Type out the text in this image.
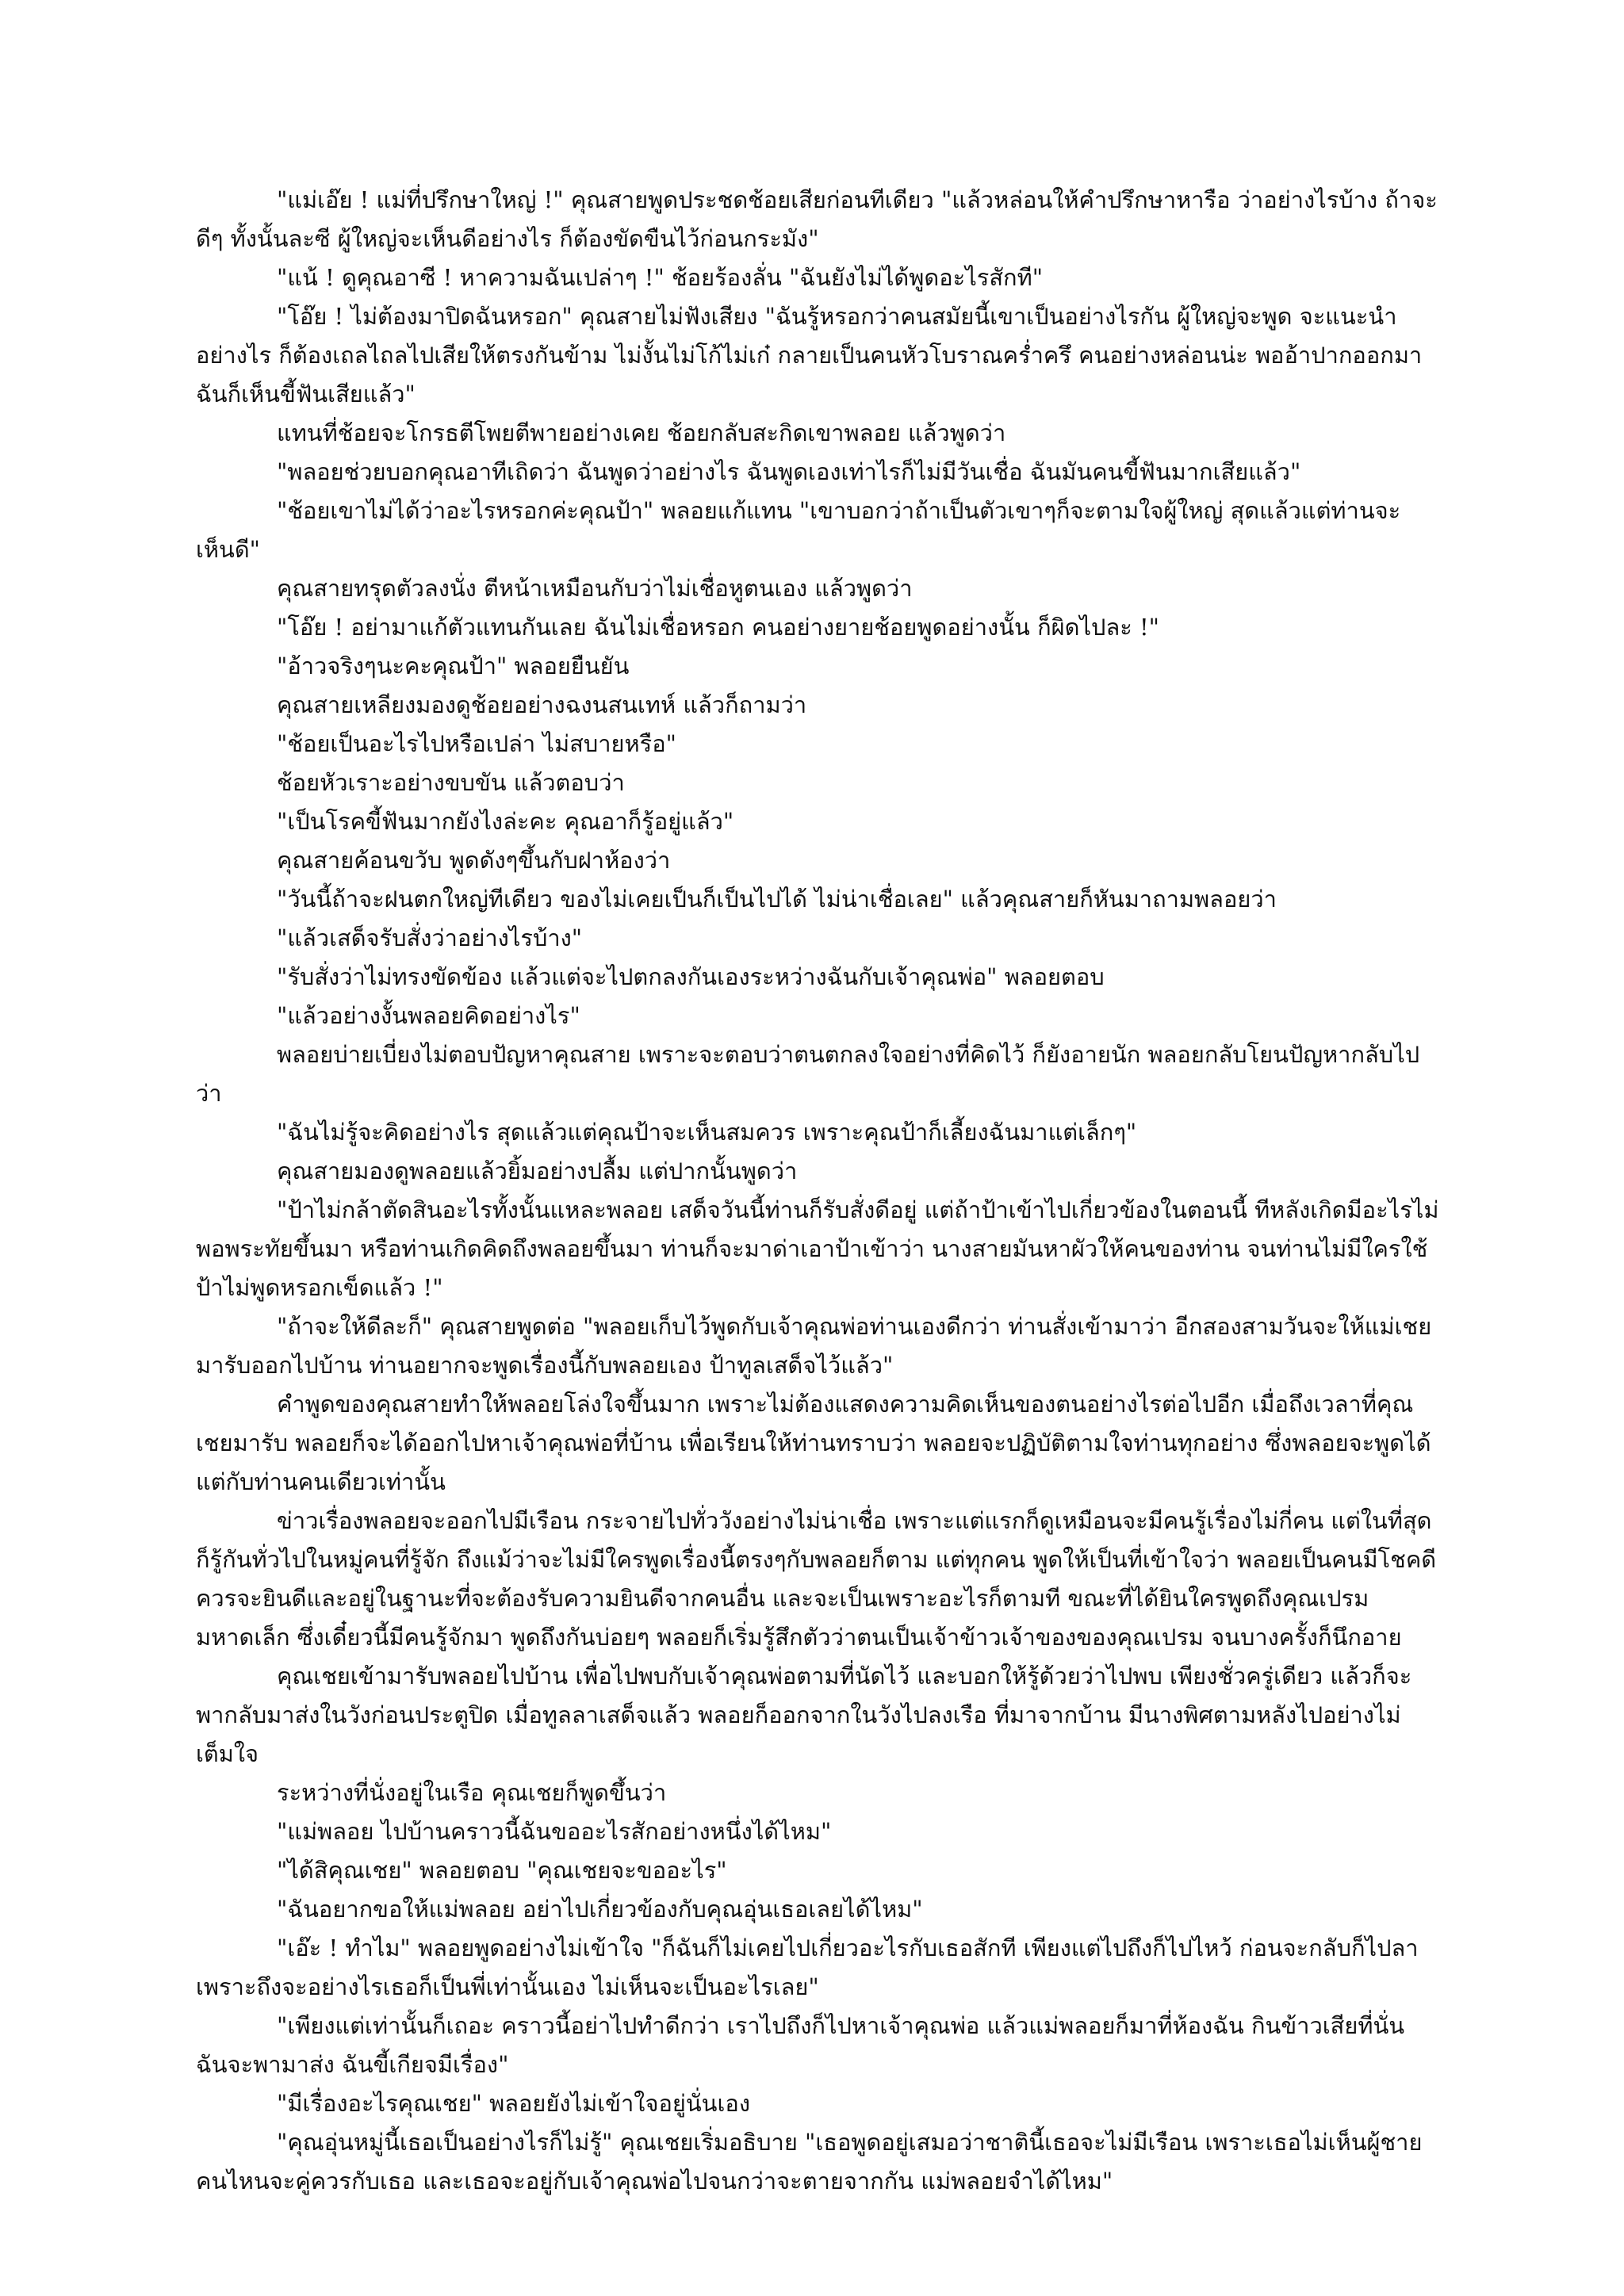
"แม่เอ๊ย ! แม่ที่ปรึกษาใหญ่ !" คุณสายพูดประชดช้อยเสียก่อนทีเดียว "แล้วหล่อนให้คำปรึกษาหารือ ว่าอย่างไรบ้าง ถ้าจะดีๆ ทั้งนั้นละซี ผู้ใหญ่จะเห็นดีอย่างไร ก็ต้องขัดขืนไว้ก่อนกระมัง"

"แน้ ! ดูคุณอาซี ! หาความฉันเปล่าๆ !" ช้อยร้องลั่น "ฉันยังไม่ได้พูดอะไรสักที"

"โอ๊ย ! ไม่ต้องมาปิดฉันหรอก" คุณสายไม่ฟังเสียง "ฉันรู้หรอกว่าคนสมัยนี้เขาเป็นอย่างไรกัน ผู้ใหญ่จะพูด จะแนะนำอย่างไร ก็ต้องเถลไถลไปเสียให้ตรงกันข้าม ไม่งั้นไม่โก้ไม่เก๋ กลายเป็นคนหัวโบราณคร่ำครึ คนอย่างหล่อนน่ะ พออ้าปากออกมาฉันก็เห็นขี้ฟันเสียแล้ว"

แทนที่ช้อยจะโกรธตีโพยตีพายอย่างเคย ช้อยกลับสะกิดเขาพลอย แล้วพูดว่า

"พลอยช่วยบอกคุณอาทีเถิดว่า ฉันพูดว่าอย่างไร ฉันพูดเองเท่าไรก็ไม่มีวันเชื่อ ฉันมันคนขี้ฟันมากเสียแล้ว"

"ช้อยเขาไม่ได้ว่าอะไรหรอกค่ะคุณป้า" พลอยแก้แทน "เขาบอกว่าถ้าเป็นตัวเขาๆก็จะตามใจผู้ใหญ่ สุดแล้วแต่ท่านจะเห็นดี"

คุณสายทรุดตัวลงนั่ง ตีหน้าเหมือนกับว่าไม่เชื่อหูตนเอง แล้วพูดว่า

"โอ๊ย ! อย่ามาแก้ตัวแทนกันเลย ฉันไม่เชื่อหรอก คนอย่างยายช้อยพูดอย่างนั้น ก็ผิดไปละ !"

"อ้าวจริงๆนะคะคุณป้า" พลอยยืนยัน

คุณสายเหลียงมองดูช้อยอย่างฉงนสนเทห์ แล้วก็ถามว่า

"ช้อยเป็นอะไรไปหรือเปล่า ไม่สบายหรือ"

ช้อยหัวเราะอย่างขบขัน แล้วตอบว่า

"เป็นโรคขี้ฟันมากยังไงล่ะคะ คุณอาก็รู้อยู่แล้ว"

คุณสายค้อนขวับ พูดดังๆขึ้นกับฝาห้องว่า

"วันนี้ถ้าจะฝนตกใหญ่ทีเดียว ของไม่เคยเป็นก็เป็นไปได้ ไม่น่าเชื่อเลย" แล้วคุณสายก็หันมาถามพลอยว่า

"แล้วเสด็จรับสั่งว่าอย่างไรบ้าง"

"รับสั่งว่าไม่ทรงขัดข้อง แล้วแต่จะไปตกลงกันเองระหว่างฉันกับเจ้าคุณพ่อ" พลอยตอบ

"แล้วอย่างงั้นพลอยคิดอย่างไร"

พลอยบ่ายเบี่ยงไม่ตอบปัญหาคุณสาย เพราะจะตอบว่าตนตกลงใจอย่างที่คิดไว้ ก็ยังอายนัก พลอยกลับโยนปัญหากลับไปว่า

"ฉันไม่รู้จะคิดอย่างไร สุดแล้วแต่คุณป้าจะเห็นสมควร เพราะคุณป้าก็เลี้ยงฉันมาแต่เล็กๆ"

คุณสายมองดูพลอยแล้วยิ้มอย่างปลื้ม แต่ปากนั้นพูดว่า

"ป้าไม่กล้าตัดสินอะไรทั้งนั้นแหละพลอย เสด็จวันนี้ท่านก็รับสั่งดีอยู่ แต่ถ้าป้าเข้าไปเกี่ยวข้องในตอนนี้ ทีหลังเกิดมีอะไรไม่พอพระทัยขึ้นมา หรือท่านเกิดคิดถึงพลอยขึ้นมา ท่านก็จะมาด่าเอาป้าเข้าว่า นางสายมันหาผัวให้คนของท่าน จนท่านไม่มีใครใช้ ป้าไม่พูดหรอกเข็ดแล้ว !"

"ถ้าจะให้ดีละก็" คุณสายพูดต่อ "พลอยเก็บไว้พูดกับเจ้าคุณพ่อท่านเองดีกว่า ท่านสั่งเข้ามาว่า อีกสองสามวันจะให้แม่เชยมารับออกไปบ้าน ท่านอยากจะพูดเรื่องนี้กับพลอยเอง ป้าทูลเสด็จไว้แล้ว"

คำพูดของคุณสายทำให้พลอยโล่งใจขึ้นมาก เพราะไม่ต้องแสดงความคิดเห็นของตนอย่างไรต่อไปอีก เมื่อถึงเวลาที่คุณเชยมารับ พลอยก็จะได้ออกไปหาเจ้าคุณพ่อที่บ้าน เพื่อเรียนให้ท่านทราบว่า พลอยจะปฏิบัติตามใจท่านทุกอย่าง ซึ่งพลอยจะพูดได้แต่กับท่านคนเดียวเท่านั้น

ข่าวเรื่องพลอยจะออกไปมีเรือน กระจายไปทั่ววังอย่างไม่น่าเชื่อ เพราะแต่แรกก็ดูเหมือนจะมีคนรู้เรื่องไม่กี่คน แต่ในที่สุดก็รู้กันทั่วไปในหมู่คนที่รู้จัก ถึงแม้ว่าจะไม่มีใครพูดเรื่องนี้ตรงๆกับพลอยก็ตาม แต่ทุกคน พูดให้เป็นที่เข้าใจว่า พลอยเป็นคนมีโชคดี ควรจะยินดีและอยู่ในฐานะที่จะต้องรับความยินดีจากคนอื่น และจะเป็นเพราะอะไรก็ตามที ขณะที่ได้ยินใครพูดถึงคุณเปรมมหาดเล็ก ซึ่งเดี๋ยวนี้มีคนรู้จักมา พูดถึงกันบ่อยๆ พลอยก็เริ่มรู้สึกตัวว่าตนเป็นเจ้าข้าวเจ้าของของคุณเปรม จนบางครั้งก็นึกอาย

คุณเชยเข้ามารับพลอยไปบ้าน เพื่อไปพบกับเจ้าคุณพ่อตามที่นัดไว้ และบอกให้รู้ด้วยว่าไปพบ เพียงชั่วครู่เดียว แล้วก็จะพากลับมาส่งในวังก่อนประตูปิด เมื่อทูลลาเสด็จแล้ว พลอยก็ออกจากในวังไปลงเรือ ที่มาจากบ้าน มีนางพิศตามหลังไปอย่างไม่เต็มใจ

ระหว่างที่นั่งอยู่ในเรือ คุณเชยก็พูดขึ้นว่า

"แม่พลอย ไปบ้านคราวนี้ฉันขออะไรสักอย่างหนึ่งได้ไหม"

"ได้สิคุณเชย" พลอยตอบ "คุณเชยจะขออะไร"

"ฉันอยากขอให้แม่พลอย อย่าไปเกี่ยวข้องกับคุณอุ่นเธอเลยได้ไหม"

"เอ๊ะ ! ทำไม" พลอยพูดอย่างไม่เข้าใจ "ก็ฉันก็ไม่เคยไปเกี่ยวอะไรกับเธอสักที เพียงแต่ไปถึงก็ไปไหว้ ก่อนจะกลับก็ไปลา เพราะถึงจะอย่างไรเธอก็เป็นพี่เท่านั้นเอง ไม่เห็นจะเป็นอะไรเลย"

"เพียงแต่เท่านั้นก็เถอะ คราวนี้อย่าไปทำดีกว่า เราไปถึงก็ไปหาเจ้าคุณพ่อ แล้วแม่พลอยก็มาที่ห้องฉัน กินข้าวเสียที่นั่น ฉันจะพามาส่ง ฉันขี้เกียจมีเรื่อง"

"มีเรื่องอะไรคุณเชย" พลอยยังไม่เข้าใจอยู่นั่นเอง

"คุณอุ่นหมู่นี้เธอเป็นอย่างไรก็ไม่รู้" คุณเชยเริ่มอธิบาย "เธอพูดอยู่เสมอว่าชาตินี้เธอจะไม่มีเรือน เพราะเธอไม่เห็นผู้ชายคนไหนจะคู่ควรกับเธอ และเธอจะอยู่กับเจ้าคุณพ่อไปจนกว่าจะตายจากกัน แม่พลอยจำได้ไหม"
